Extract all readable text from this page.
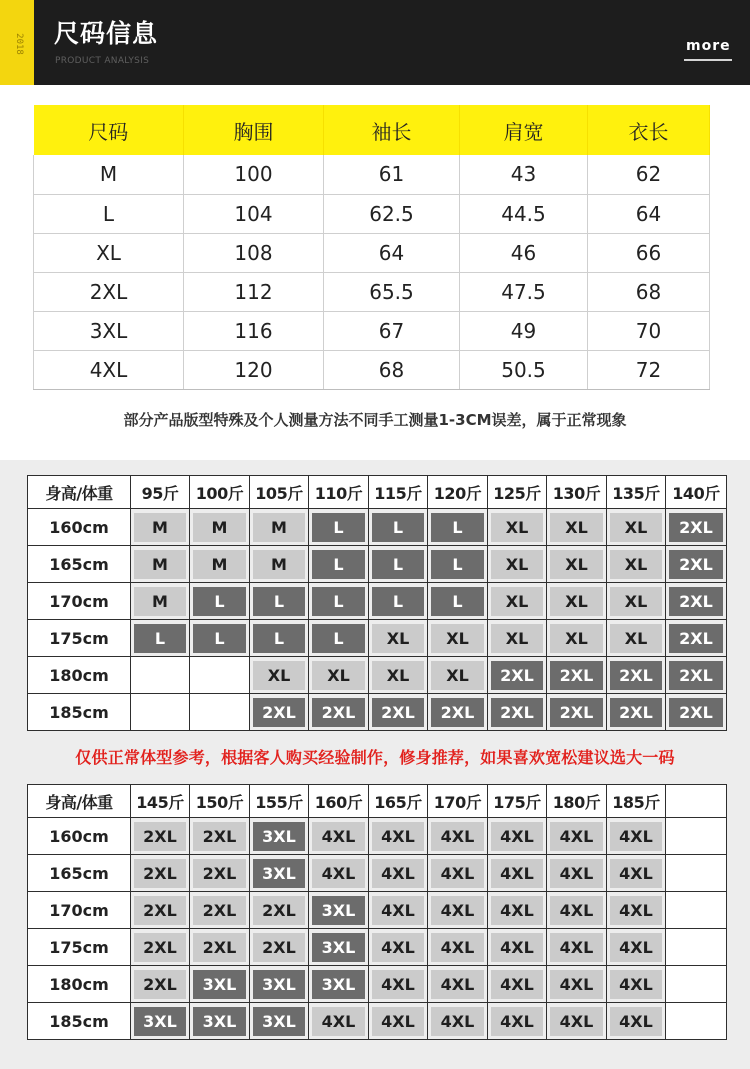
2018 尺码信息
PRODUCT ANALYSIS
more
尺码	胸围	袖长	肩宽	衣长
M	100	61	43	62
L	104	62.5	44.5	64
XL	108	64	46	66
2XL	112	65.5	47.5	68
3XL	116	67	49	70
4XL	120	68	50.5	72
部分产品版型特殊及个人测量方法不同手工测量1-3CM误差，属于正常现象
身高/体重	95斤	100斤	105斤	110斤	115斤	120斤	125斤	130斤	135斤	140斤
160cm	M	M	M	L	L	L	XL	XL	XL	2XL

165cm	M	M	M	L	L	L	XL	XL	XL	2XL

170cm	M	L	L	L	L	L	XL	XL	XL	2XL

175cm	L	L	L	L	XL	XL	XL	XL	XL	2XL

180cm			XL	XL	XL	XL	2XL	2XL	2XL	2XL

185cm			2XL	2XL	2XL	2XL	2XL	2XL	2XL	2XL
仅供正常体型参考，根据客人购买经验制作，修身推荐，如果喜欢宽松建议选大一码
身高/体重	145斤	150斤	155斤	160斤	165斤	170斤	175斤	180斤	185斤	
160cm	2XL	2XL	3XL	4XL	4XL	4XL	4XL	4XL	4XL	

165cm	2XL	2XL	3XL	4XL	4XL	4XL	4XL	4XL	4XL	

170cm	2XL	2XL	2XL	3XL	4XL	4XL	4XL	4XL	4XL	

175cm	2XL	2XL	2XL	3XL	4XL	4XL	4XL	4XL	4XL	

180cm	2XL	3XL	3XL	3XL	4XL	4XL	4XL	4XL	4XL	

185cm	3XL	3XL	3XL	4XL	4XL	4XL	4XL	4XL	4XL	
